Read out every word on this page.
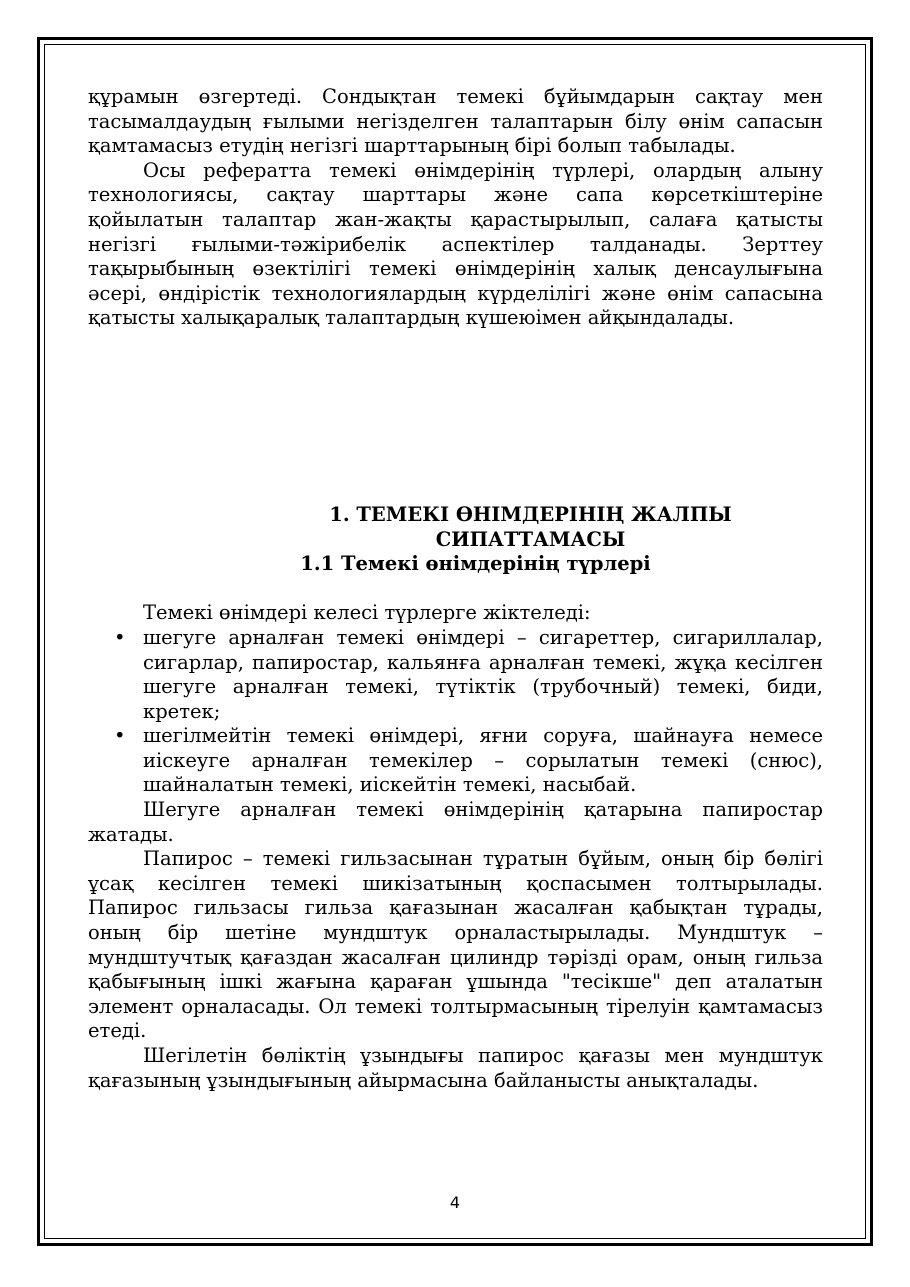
құрамын өзгертеді. Сондықтан темекі бұйымдарын сақтау мен тасымалдаудың ғылыми негізделген талаптарын білу өнім сапасын қамтамасыз етудің негізгі шарттарының бірі болып табылады.

Осы рефератта темекі өнімдерінің түрлері, олардың алыну технологиясы, сақтау шарттары және сапа көрсеткіштеріне қойылатын талаптар жан-жақты қарастырылып, салаға қатысты негізгі ғылыми-тәжірибелік аспектілер талданады. Зерттеу тақырыбының өзектілігі темекі өнімдерінің халық денсаулығына әсері, өндірістік технологиялардың күрделілігі және өнім сапасына қатысты халықаралық талаптардың күшеюімен айқындалады.

1. ТЕМЕКІ ӨНІМДЕРІНІҢ ЖАЛПЫ
СИПАТТАМАСЫ

1.1 Темекі өнімдерінің түрлері

Темекі өнімдері келесі түрлерге жіктеледі:

• шегуге арналған темекі өнімдері – сигареттер, сигариллалар, сигарлар, папиростар, кальянға арналған темекі, жұқа кесілген шегуге арналған темекі, түтіктік (трубочный) темекі, биди, кретек;
• шегілмейтін темекі өнімдері, яғни соруға, шайнауға немесе иіскеуге арналған темекілер – сорылатын темекі (снюс), шайналатын темекі, иіскейтін темекі, насыбай.

Шегуге арналған темекі өнімдерінің қатарына папиростар жатады.

Папирос – темекі гильзасынан тұратын бұйым, оның бір бөлігі ұсақ кесілген темекі шикізатының қоспасымен толтырылады. Папирос гильзасы гильза қағазынан жасалған қабықтан тұрады, оның бір шетіне мундштук орналастырылады. Мундштук – мундштучтық қағаздан жасалған цилиндр тәрізді орам, оның гильза қабығының ішкі жағына қараған ұшында "тесікше" деп аталатын элемент орналасады. Ол темекі толтырмасының тірелуін қамтамасыз етеді.

Шегілетін бөліктің ұзындығы папирос қағазы мен мундштук қағазының ұзындығының айырмасына байланысты анықталады.

4
